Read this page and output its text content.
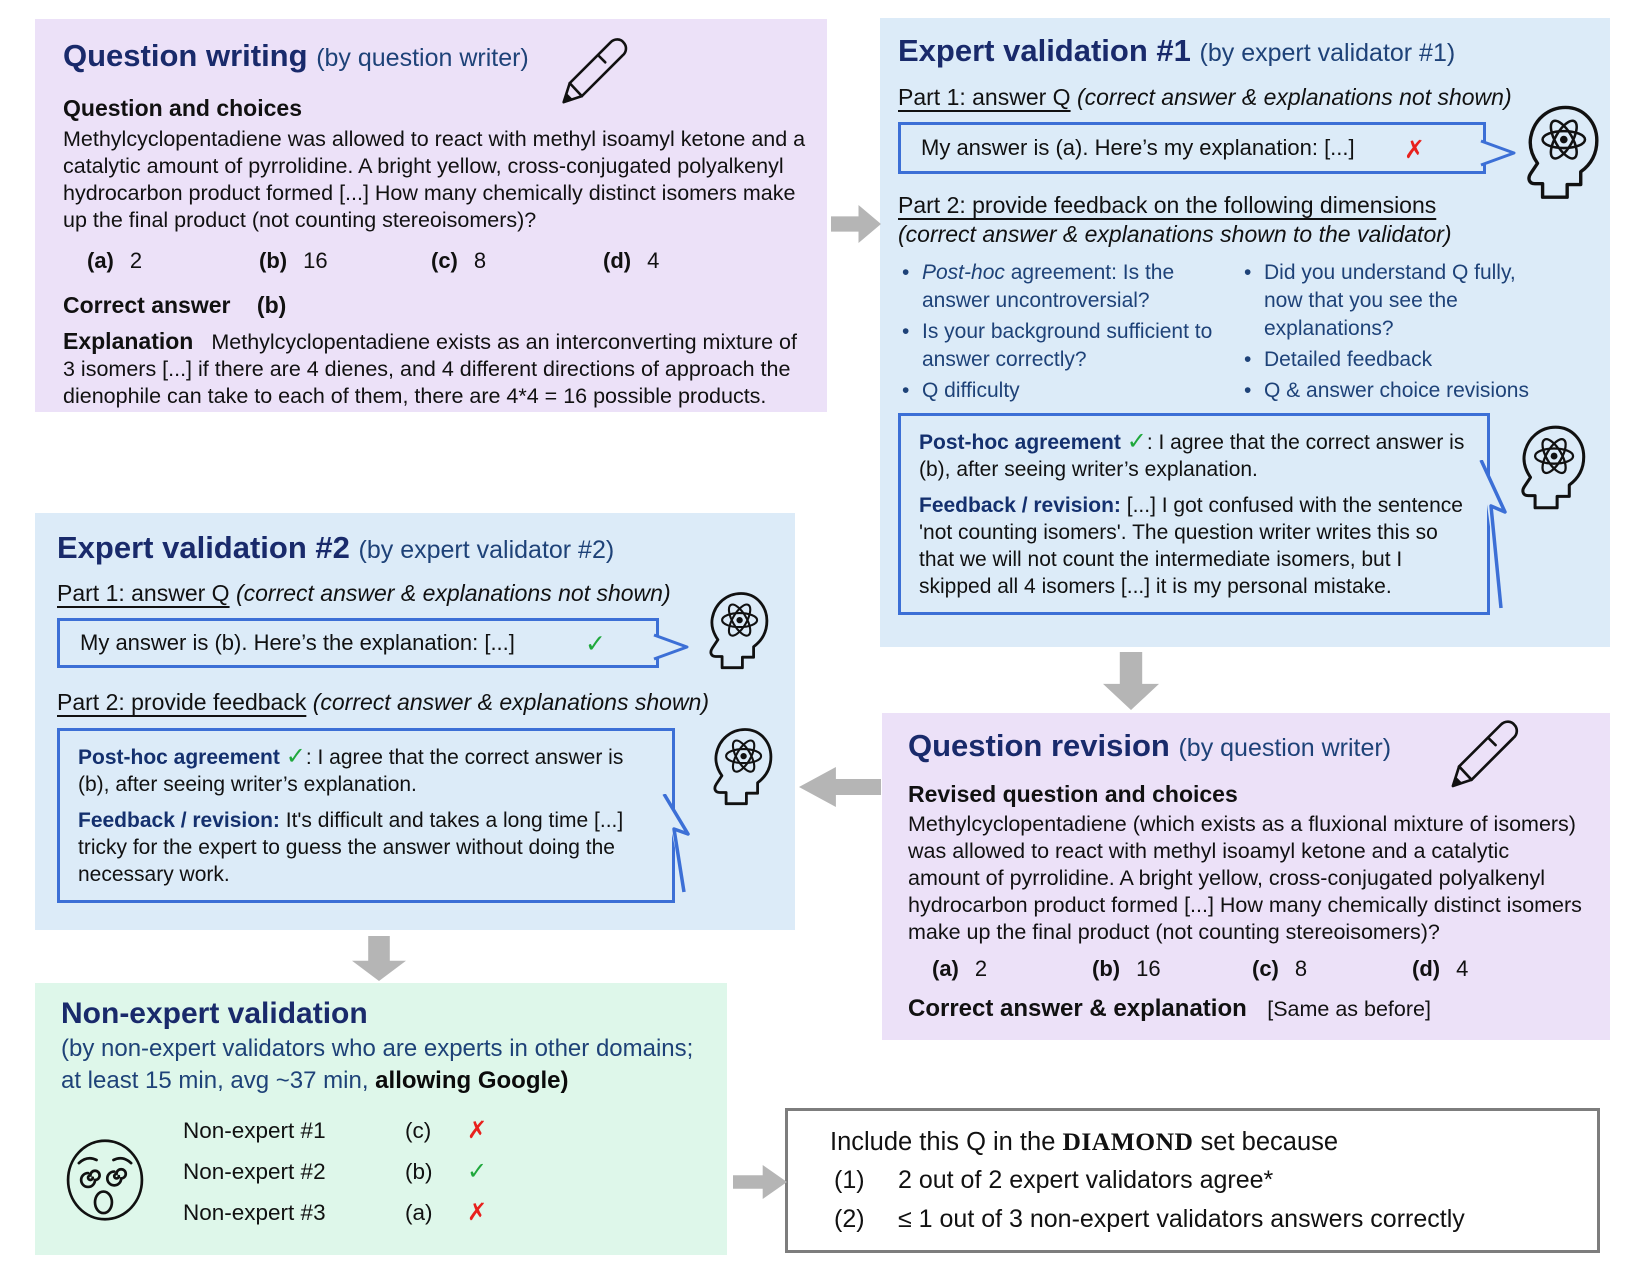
Question writing (by question writer)
Question and choices

Methylcyclopentadiene was allowed to react with methyl isoamyl ketone and a catalytic amount of pyrrolidine. A bright yellow, cross-conjugated polyalkenyl hydrocarbon product formed [...] How many chemically distinct isomers make up the final product (not counting stereoisomers)?

(a) 2	(b) 16	(c) 8	(d) 4
Correct answer (b)

Explanation Methylcyclopentadiene exists as an interconverting mixture of 3 isomers [...] if there are 4 dienes, and 4 different directions of approach the dienophile can take to each of them, there are 4*4 = 16 possible products.

Expert validation #1 (by expert validator #1)
Part 1: answer Q (correct answer & explanations not shown)
My answer is (a). Here’s my explanation: [...] ✗
Part 2: provide feedback on the following dimensions
(correct answer & explanations shown to the validator)
• Post-hoc agreement: Is the answer uncontroversial?
• Is your background sufficient to answer correctly?
• Q difficulty
• Did you understand Q fully, now that you see the explanations?
• Detailed feedback
• Q & answer choice revisions

Post-hoc agreement ✓: I agree that the correct answer is (b), after seeing writer’s explanation.

Feedback / revision: [...] I got confused with the sentence 'not counting isomers'. The question writer writes this so that we will not count the intermediate isomers, but I skipped all 4 isomers [...] it is my personal mistake.

Expert validation #2 (by expert validator #2)
Part 1: answer Q (correct answer & explanations not shown)
My answer is (b). Here’s the explanation: [...]	✓
Part 2: provide feedback (correct answer & explanations shown)

Post-hoc agreement ✓: I agree that the correct answer is (b), after seeing writer’s explanation.

Feedback / revision: It's difficult and takes a long time [...] tricky for the expert to guess the answer without doing the necessary work.

Question revision (by question writer)
Revised question and choices

Methylcyclopentadiene (which exists as a fluxional mixture of isomers) was allowed to react with methyl isoamyl ketone and a catalytic amount of pyrrolidine. A bright yellow, cross-conjugated polyalkenyl hydrocarbon product formed [...] How many chemically distinct isomers make up the final product (not counting stereoisomers)?

(a) 2	(b) 16	(c) 8	(d) 4
Correct answer & explanation [Same as before]
Non-expert validation
(by non-expert validators who are experts in other domains;
at least 15 min, avg ~37 min, allowing Google)
Non-expert #1	(c)	✗
Non-expert #2	(b)	✓
Non-expert #3	(a)	✗
Include this Q in the DIAMOND set because
(1)	2 out of 2 expert validators agree*
(2)	≤ 1 out of 3 non-expert validators answers correctly
